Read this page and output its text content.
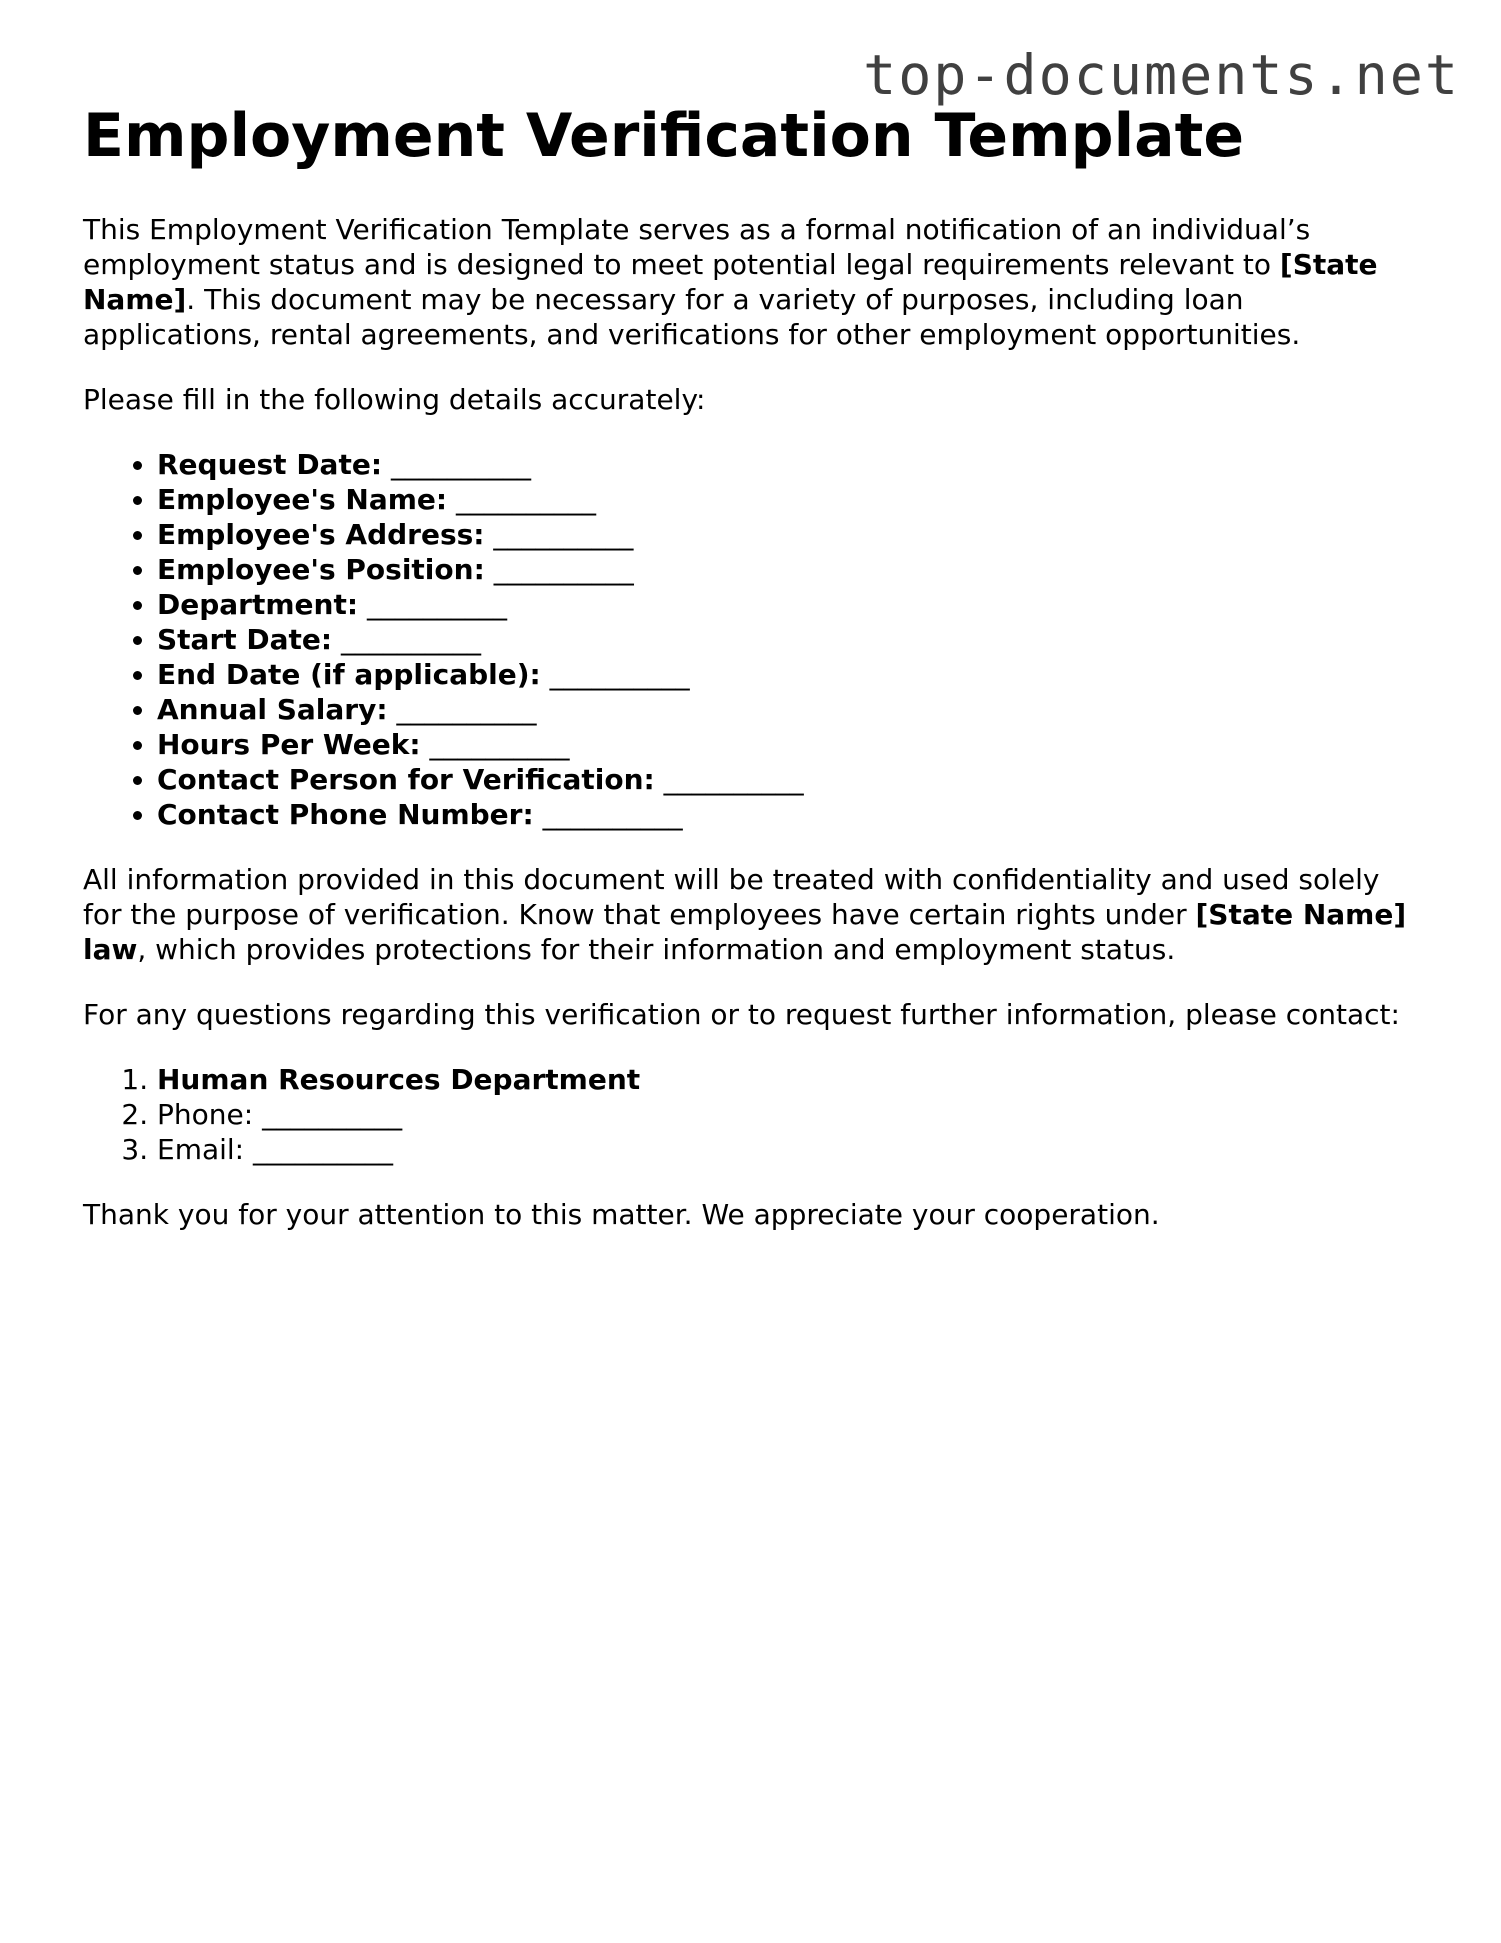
top-documents.net
Employment Verification Template

This Employment Verification Template serves as a formal notification of an individual’s employment status and is designed to meet potential legal requirements relevant to [State Name]. This document may be necessary for a variety of purposes, including loan applications, rental agreements, and verifications for other employment opportunities.

Please fill in the following details accurately:

• Request Date: __________
• Employee's Name: __________
• Employee's Address: __________
• Employee's Position: __________
• Department: __________
• Start Date: __________
• End Date (if applicable): __________
• Annual Salary: __________
• Hours Per Week: __________
• Contact Person for Verification: __________
• Contact Phone Number: __________

All information provided in this document will be treated with confidentiality and used solely for the purpose of verification. Know that employees have certain rights under [State Name] law, which provides protections for their information and employment status.

For any questions regarding this verification or to request further information, please contact:

1. Human Resources Department
2. Phone: __________
3. Email: __________

Thank you for your attention to this matter. We appreciate your cooperation.
